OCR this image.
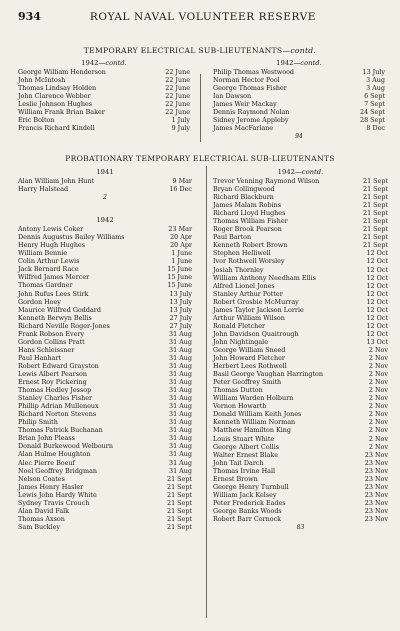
934	ROYAL NAVAL VOLUNTEER RESERVE
TEMPORARY ELECTRICAL SUB-LIEUTENANTS—contd.
1942—contd.
George William Henderson	22 June
John McIntosh	22 June
Thomas Lindsay Holden	22 June
John Clarence Webber	22 June
Leslie Johnson Hughes	22 June
William Frank Brian Baker	22 June
Eric Bolton	1 July
Francis Richard Kindell	9 July
1942—contd.
Philip Thomas Westwood	13 July
Norman Hector Pool	3 Aug
George Thomas Fisher	3 Aug
Ian Dawson	6 Sept
James Weir Mackay	7 Sept
Dennis Raymond Nolan	24 Sept
Sidney Jerome Appleby	28 Sept
James MacFarlane	8 Dec
94
PROBATIONARY TEMPORARY ELECTRICAL SUB-LIEUTENANTS
1941
Alan William John Hunt	9 Mar
Harry Halstead	16 Dec
2
1942
Antony Lewis Coker	23 Mar
Dennis Augustus Bailey Williams	20 Apr
Henry Hugh Hughes	20 Apr
William Bennie	1 June
Colin Arthur Lewis	1 June
Jack Bernard Race	15 June
Wilfred James Mercer	15 June
Thomas Gardner	15 June
John Rufus Lees Stirk	13 July
Gordon Hoey	13 July
Maurice Wilfred Goddard	13 July
Kenneth Berwyn Bellis	27 July
Richard Neville Roger-Jones	27 July
Frank Robson Every	31 Aug
Gordon Collins Pratt	31 Aug
Hans Schleissner	31 Aug
Paul Hanhart	31 Aug
Robert Edward Grayston	31 Aug
Lewis Albert Pearson	31 Aug
Ernest Roy Pickering	31 Aug
Thomas Hedley Jessop	31 Aug
Stanley Charles Fisher	31 Aug
Phillip Adrian Mulleneux	31 Aug
Richard Norton Stevens	31 Aug
Philip Smith	31 Aug
Thomas Patrick Buchanan	31 Aug
Brian John Pleass	31 Aug
Donald Burkewood Welbourn	31 Aug
Alan Hulme Houghton	31 Aug
Alec Pierre Boeuf	31 Aug
Noel Geoffrey Bridgman	31 Aug
Nelson Coates	21 Sept
James Henry Hasler	21 Sept
Lewis John Hardy White	21 Sept
Sydney Travis Crouch	21 Sept
Alan David Falk	21 Sept
Thomas Axson	21 Sept
Sam Buckley	21 Sept
1942—contd.
Trevor Venning Raymond Wilson	21 Sept
Bryan Collingwood	21 Sept
Richard Blackburn	21 Sept
James Malam Robins	21 Sept
Richard Lloyd Hughes	21 Sept
Thomas William Fisher	21 Sept
Roger Brook Pearson	21 Sept
Paul Barton	21 Sept
Kenneth Robert Brown	21 Sept
Stephen Helliwell	12 Oct
Ivor Rothwell Worsley	12 Oct
Josiah Thornley	12 Oct
William Anthony Needham Ellis	12 Oct
Alfred Lionel Jones	12 Oct
Stanley Arthur Potter	12 Oct
Robert Grosbie McMurray	12 Oct
James Taylor Jackson Lorrie	12 Oct
Arthur William Wilson	12 Oct
Ronald Fletcher	12 Oct
John Davidson Quaitrough	12 Oct
John Nightingale	13 Oct
George William Sneed	2 Nov
John Howard Fletcher	2 Nov
Herbert Lees Rothwell	2 Nov
Basil George Vaughan Harrington	2 Nov
Peter Geoffrey Smith	2 Nov
Thomas Dutton	2 Nov
William Warden Holburn	2 Nov
Vernon Howarth	2 Nov
Donald William Keith Jones	2 Nov
Kenneth William Norman	2 Nov
Matthew Hamilton King	2 Nov
Louis Stuart White	2 Nov
George Albert Collis	2 Nov
Walter Ernest Blake	23 Nov
John Tait Darch	23 Nov
Thomas Irvine Hall	23 Nov
Ernest Brown	23 Nov
George Henry Turnbull	23 Nov
William Jack Kelsey	23 Nov
Peter Frederick Eades	23 Nov
George Banks Woods	23 Nov
Robert Barr Cornock	23 Nov
83
